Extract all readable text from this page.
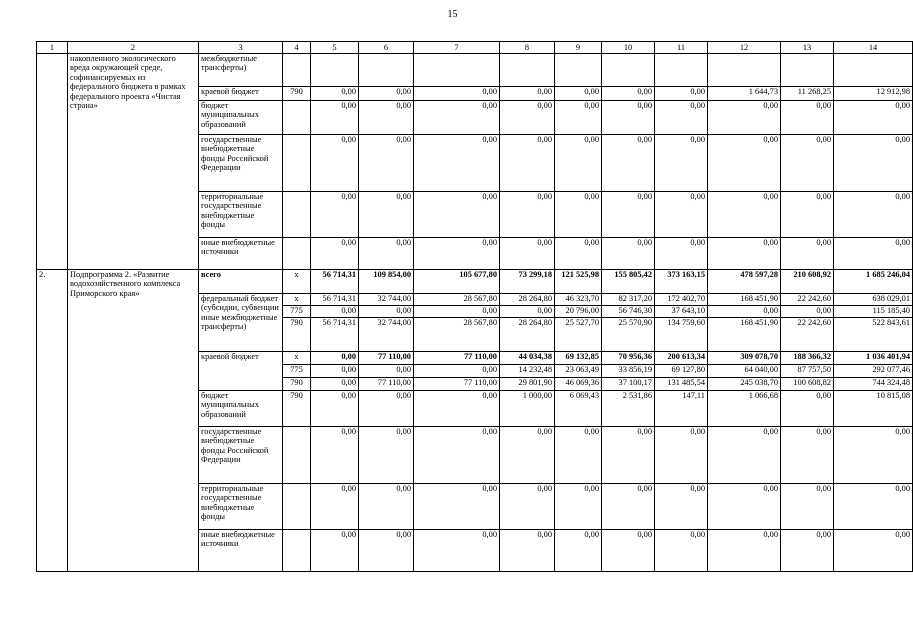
15
1	2	3	4	5	6	7	8	9	10	11	12	13	14
	накопленного экологического вреда окружающей среде, софинансируемых из федерального бюджета в рамках федерального проекта «Чистая страна»	межбюджетные трансферты)											
		краевой бюджет	790	0,00	0,00	0,00	0,00	0,00	0,00	0,00	1 644,73	11 268,25	12 912,98
		бюджет муниципальных образований		0,00	0,00	0,00	0,00	0,00	0,00	0,00	0,00	0,00	0,00
		государственные внебюджетные фонды Российской Федерации		0,00	0,00	0,00	0,00	0,00	0,00	0,00	0,00	0,00	0,00
		территориальные государственные внебюджетные фонды		0,00	0,00	0,00	0,00	0,00	0,00	0,00	0,00	0,00	0,00
		иные внебюджетные источники		0,00	0,00	0,00	0,00	0,00	0,00	0,00	0,00	0,00	0,00
2.	Подпрограмма 2. «Развитие водохозяйственного комплекса Приморского края»	всего	x	56 714,31	109 854,00	105 677,80	73 299,18	121 525,98	155 805,42	373 163,15	478 597,28	210 608,92	1 685 246,04
		федеральный бюджет (субсидии, субвенции иные межбюджетные трансферты)	x	56 714,31	32 744,00	28 567,80	28 264,80	46 323,70	82 317,20	172 402,70	168 451,90	22 242,60	638 029,01
			775	0,00	0,00	0,00	0,00	20 796,00	56 746,30	37 643,10	0,00	0,00	115 185,40
			790	56 714,31	32 744,00	28 567,80	28 264,80	25 527,70	25 570,90	134 759,60	168 451,90	22 242,60	522 843,61
		краевой бюджет	x	0,00	77 110,00	77 110,00	44 034,38	69 132,85	70 956,36	200 613,34	309 078,70	188 366,32	1 036 401,94
			775	0,00	0,00	0,00	14 232,48	23 063,49	33 856,19	69 127,80	64 040,00	87 757,50	292 077,46
			790	0,00	77 110,00	77 110,00	29 801,90	46 069,36	37 100,17	131 485,54	245 038,70	100 608,82	744 324,48
		бюджет муниципальных образований	790	0,00	0,00	0,00	1 000,00	6 069,43	2 531,86	147,11	1 066,68	0,00	10 815,08
		государственные внебюджетные фонды Российской Федерации		0,00	0,00	0,00	0,00	0,00	0,00	0,00	0,00	0,00	0,00
		территориальные государственные внебюджетные фонды		0,00	0,00	0,00	0,00	0,00	0,00	0,00	0,00	0,00	0,00
		иные внебюджетные источники		0,00	0,00	0,00	0,00	0,00	0,00	0,00	0,00	0,00	0,00
